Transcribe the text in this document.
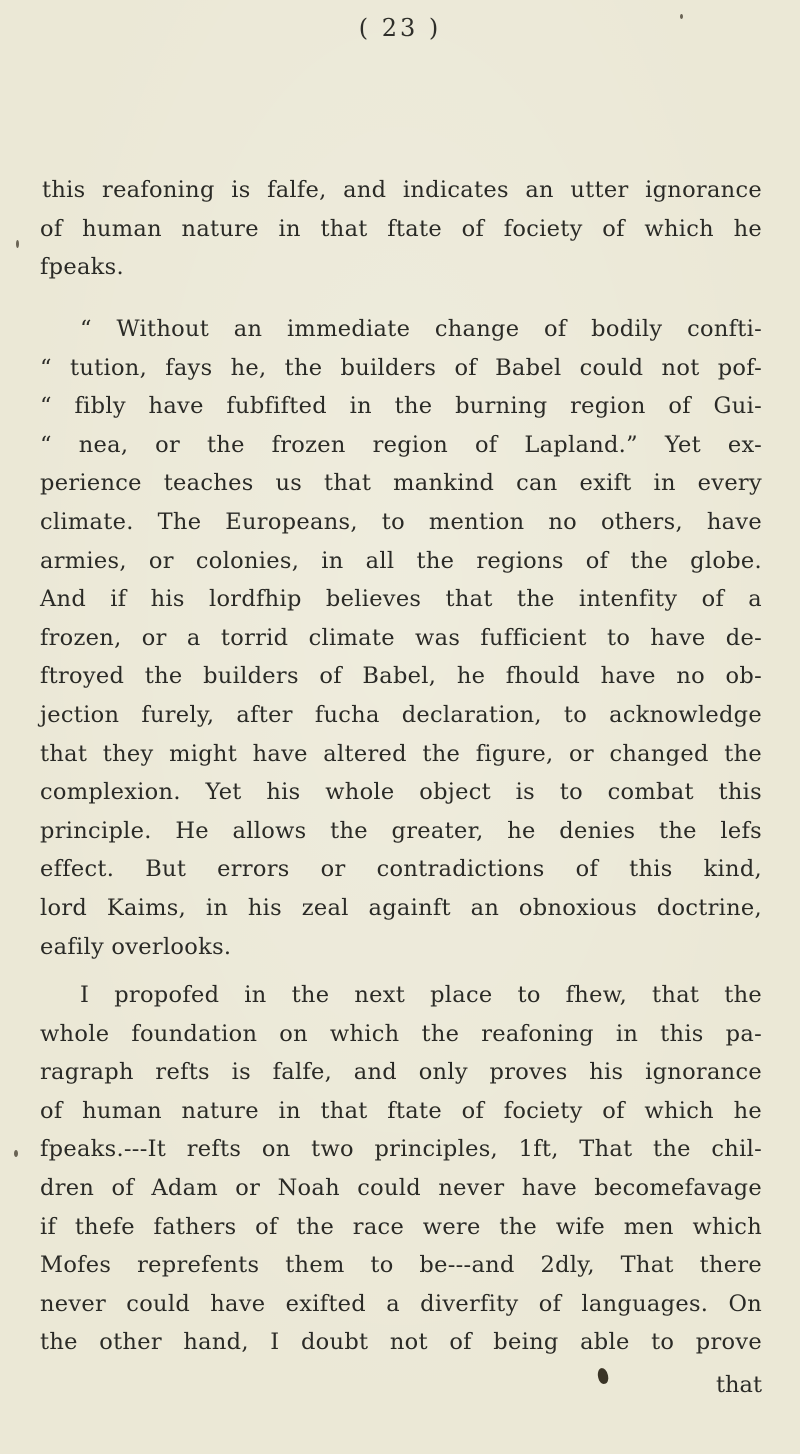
( 23 )
this reafoning is falfe, and indicates an utter ignorance
of human nature in that ftate of fociety of which he
fpeaks.
“ Without an immediate change of bodily confti-
“ tution, fays he, the builders of Babel could not pof-
“ fibly have fubfifted in the burning region of Gui-
“ nea, or the frozen region of Lapland.” Yet ex-
perience teaches us that mankind can exift in every
climate. The Europeans, to mention no others, have
armies, or colonies, in all the regions of the globe.
And if his lordfhip believes that the intenfity of a
frozen, or a torrid climate was fufficient to have de-
ftroyed the builders of Babel, he fhould have no ob-
jection furely, after fucha declaration, to acknowledge
that they might have altered the figure, or changed the
complexion. Yet his whole object is to combat this
principle. He allows the greater, he denies the lefs
effect. But errors or contradictions of this kind,
lord Kaims, in his zeal againft an obnoxious doctrine,
eafily overlooks.
I propofed in the next place to fhew, that the
whole foundation on which the reafoning in this pa-
ragraph refts is falfe, and only proves his ignorance
of human nature in that ftate of fociety of which he
fpeaks.---It refts on two principles, 1ft, That the chil-
dren of Adam or Noah could never have becomefavage
if thefe fathers of the race were the wife men which
Mofes reprefents them to be---and 2dly, That there
never could have exifted a diverfity of languages. On
the other hand, I doubt not of being able to prove
that
